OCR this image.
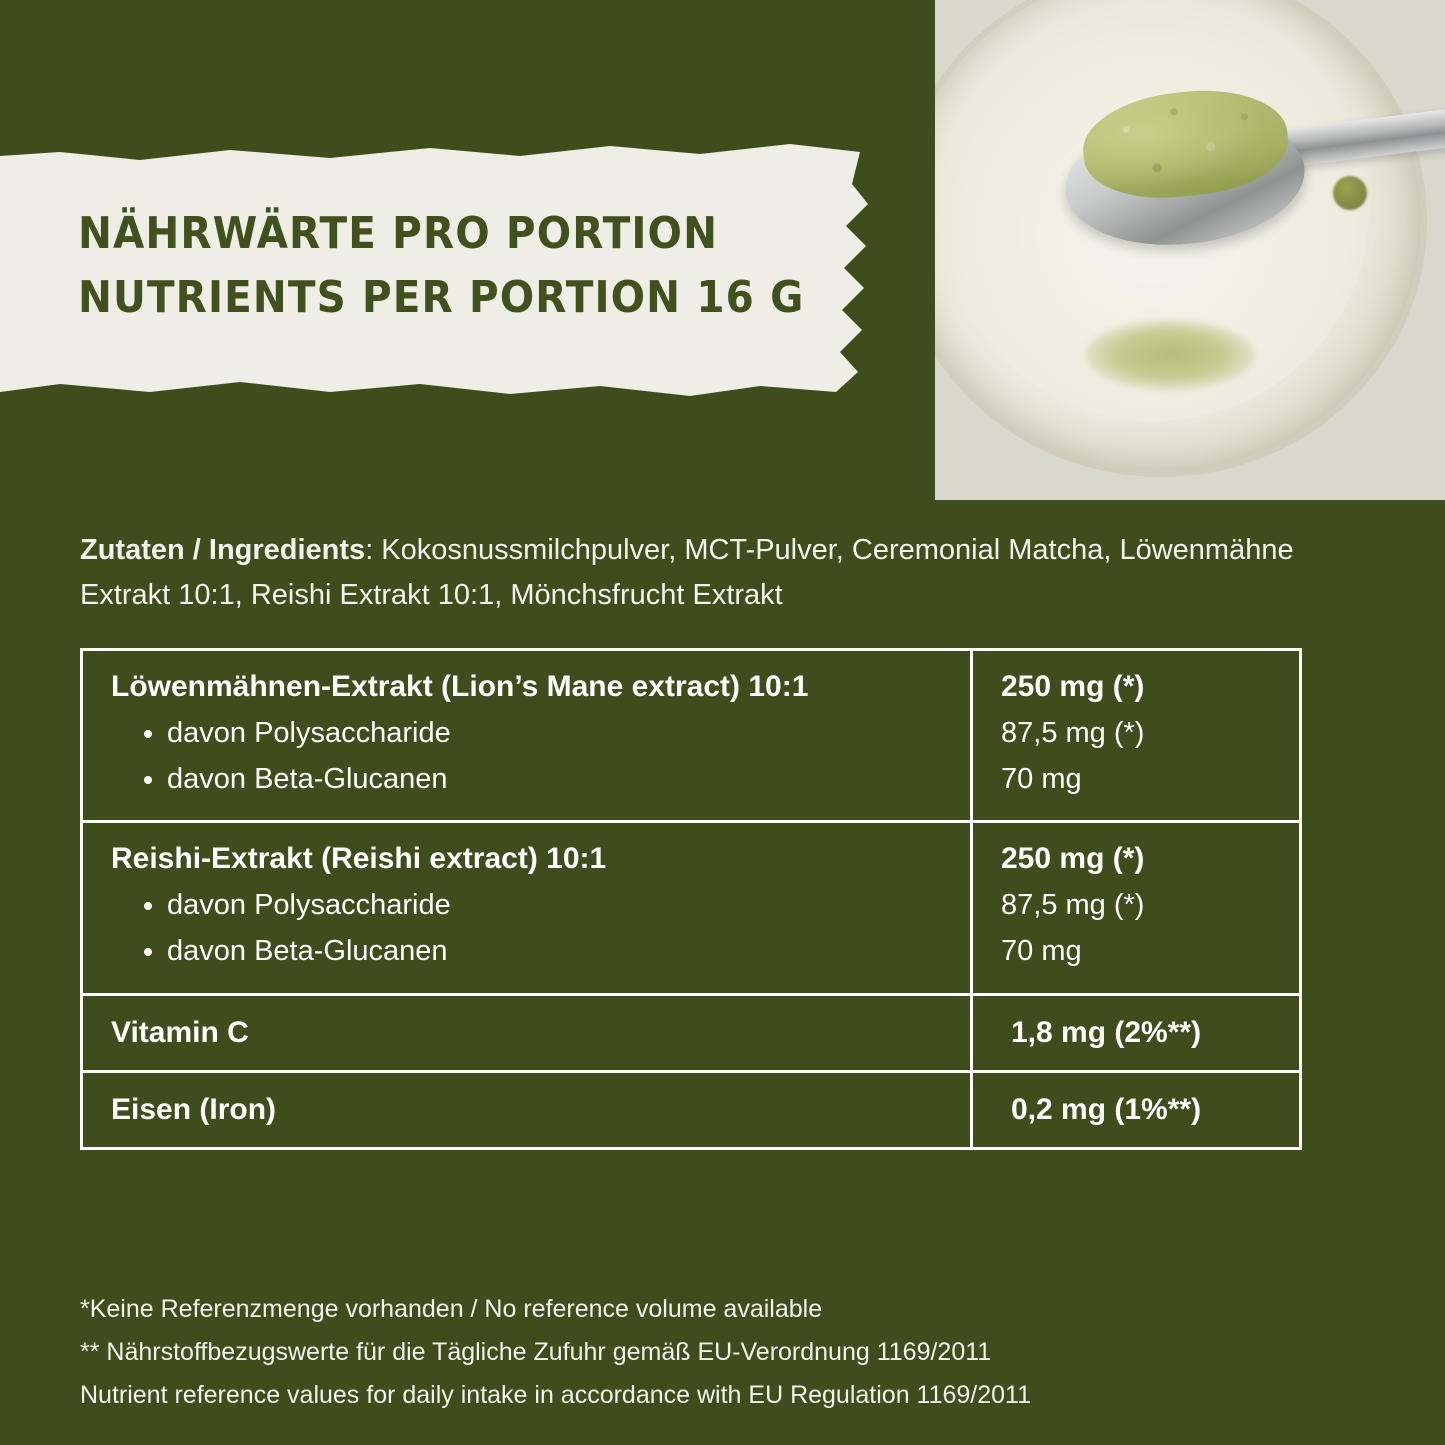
NÄHRWÄRTE PRO PORTION
NUTRIENTS PER PORTION 16 G
Zutaten / Ingredients: Kokosnussmilchpulver, MCT-Pulver, Ceremonial Matcha, Löwenmähne Extrakt 10:1, Reishi Extrakt 10:1, Mönchsfrucht Extrakt
Löwenmähnen-Extrakt (Lion’s Mane extract) 10:1
• davon Polysaccharide
• davon Beta-Glucanen
250 mg (*)
87,5 mg (*)
70 mg
Reishi-Extrakt (Reishi extract) 10:1
• davon Polysaccharide
• davon Beta-Glucanen
250 mg (*)
87,5 mg (*)
70 mg
Vitamin C	1,8 mg (2%**)
Eisen (Iron)	0,2 mg (1%**)
*Keine Referenzmenge vorhanden / No reference volume available
** Nährstoffbezugswerte für die Tägliche Zufuhr gemäß EU-Verordnung 1169/2011
Nutrient reference values for daily intake in accordance with EU Regulation 1169/2011
